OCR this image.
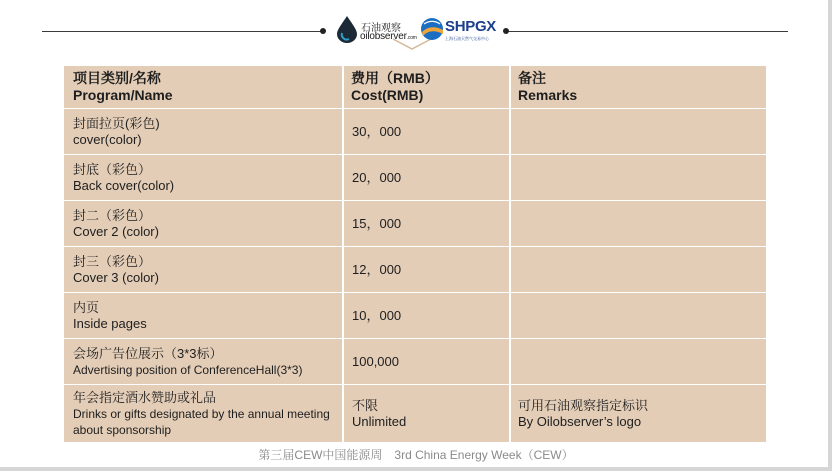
石油观察
oilobserver.com
SHPGX
上海石油天然气交易中心
项目类别/名称
Program/Name
费用（RMB）
Cost(RMB)
备注
Remarks
封面拉页(彩色)
cover(color)
30，000
封底（彩色）
Back cover(color)
20，000
封二（彩色）
Cover 2 (color)
15，000
封三（彩色）
Cover 3 (color)
12，000
内页
Inside pages
10，000
会场广告位展示（3*3标）
Advertising position of ConferenceHall(3*3)
100,000
年会指定酒水赞助或礼品
Drinks or gifts designated by the annual meeting about sponsorship
不限
Unlimited
可用石油观察指定标识
By Oilobserver’s logo
第三届CEW中国能源周 3rd China Energy Week（CEW）
